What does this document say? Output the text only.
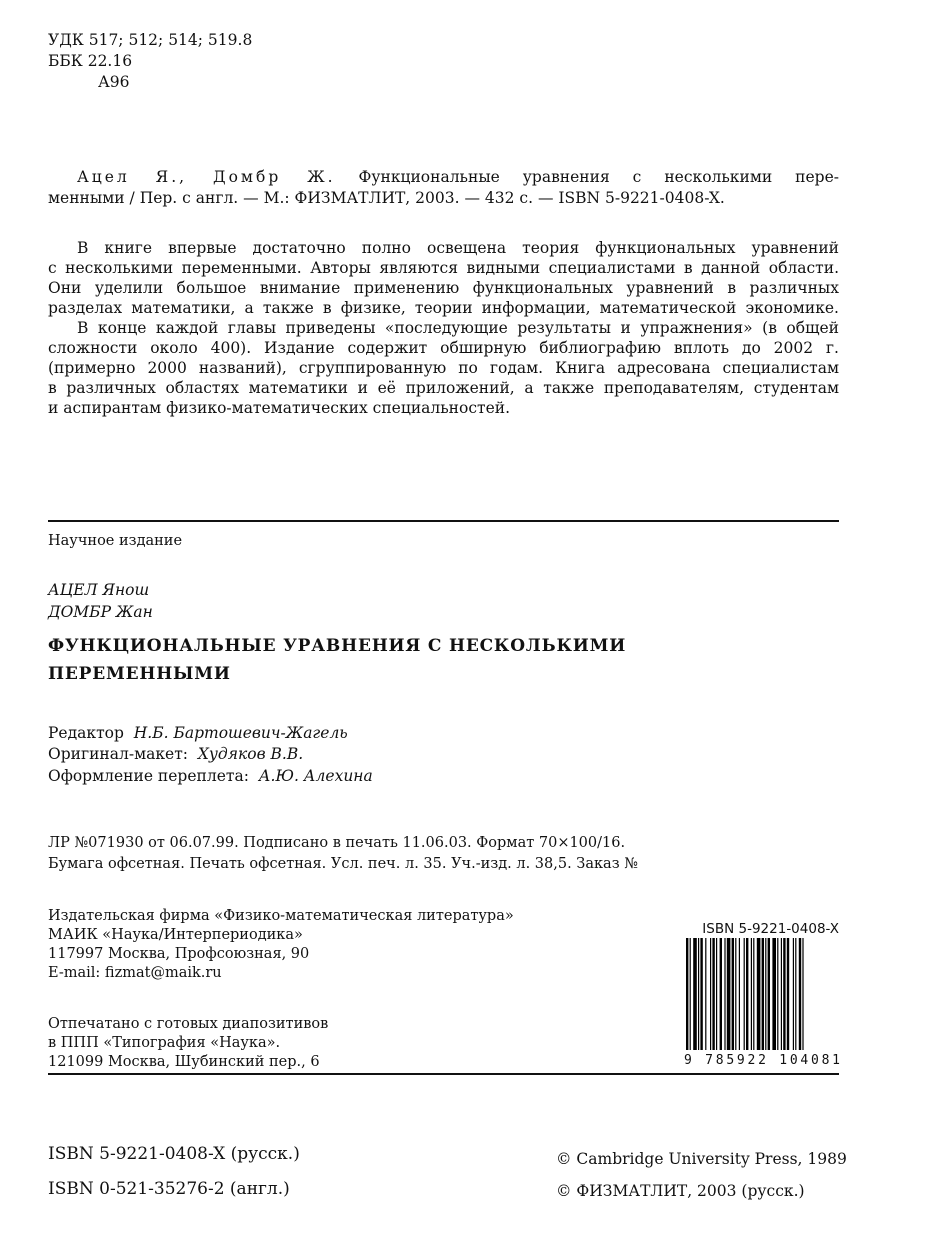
УДК 517; 512; 514; 519.8
ББК 22.16
А96
Ацел Я., Домбр Ж. Функциональные уравнения с несколькими пере-
менными / Пер. с англ. — М.: ФИЗМАТЛИТ, 2003. — 432 с. — ISBN 5-9221-0408-X.
В книге впервые достаточно полно освещена теория функциональных уравнений
с несколькими переменными. Авторы являются видными специалистами в данной области.
Они уделили большое внимание применению функциональных уравнений в различных
разделах математики, а также в физике, теории информации, математической экономике.
В конце каждой главы приведены «последующие результаты и упражнения» (в общей
сложности около 400). Издание содержит обширную библиографию вплоть до 2002 г.
(примерно 2000 названий), сгруппированную по годам. Книга адресована специалистам
в различных областях математики и её приложений, а также преподавателям, студентам
и аспирантам физико-математических специальностей.
Научное издание
АЦЕЛ Янош
ДОМБР Жан
ФУНКЦИОНАЛЬНЫЕ УРАВНЕНИЯ С НЕСКОЛЬКИМИ
ПЕРЕМЕННЫМИ
Редактор Н.Б. Бартошевич-Жагель
Оригинал-макет: Худяков В.В.
Оформление переплета: А.Ю. Алехина
ЛР №071930 от 06.07.99. Подписано в печать 11.06.03. Формат 70×100/16.
Бумага офсетная. Печать офсетная. Усл. печ. л. 35. Уч.-изд. л. 38,5. Заказ №
Издательская фирма «Физико-математическая литература»
МАИК «Наука/Интерпериодика»
117997 Москва, Профсоюзная, 90
E-mail: fizmat@maik.ru
Отпечатано с готовых диапозитивов
в ППП «Типография «Наука».
121099 Москва, Шубинский пер., 6
ISBN 5-9221-0408-X
9 785922 104081
ISBN 5-9221-0408-X (русск.)
ISBN 0-521-35276-2 (англ.)
© Cambridge University Press, 1989
© ФИЗМАТЛИТ, 2003 (русск.)
